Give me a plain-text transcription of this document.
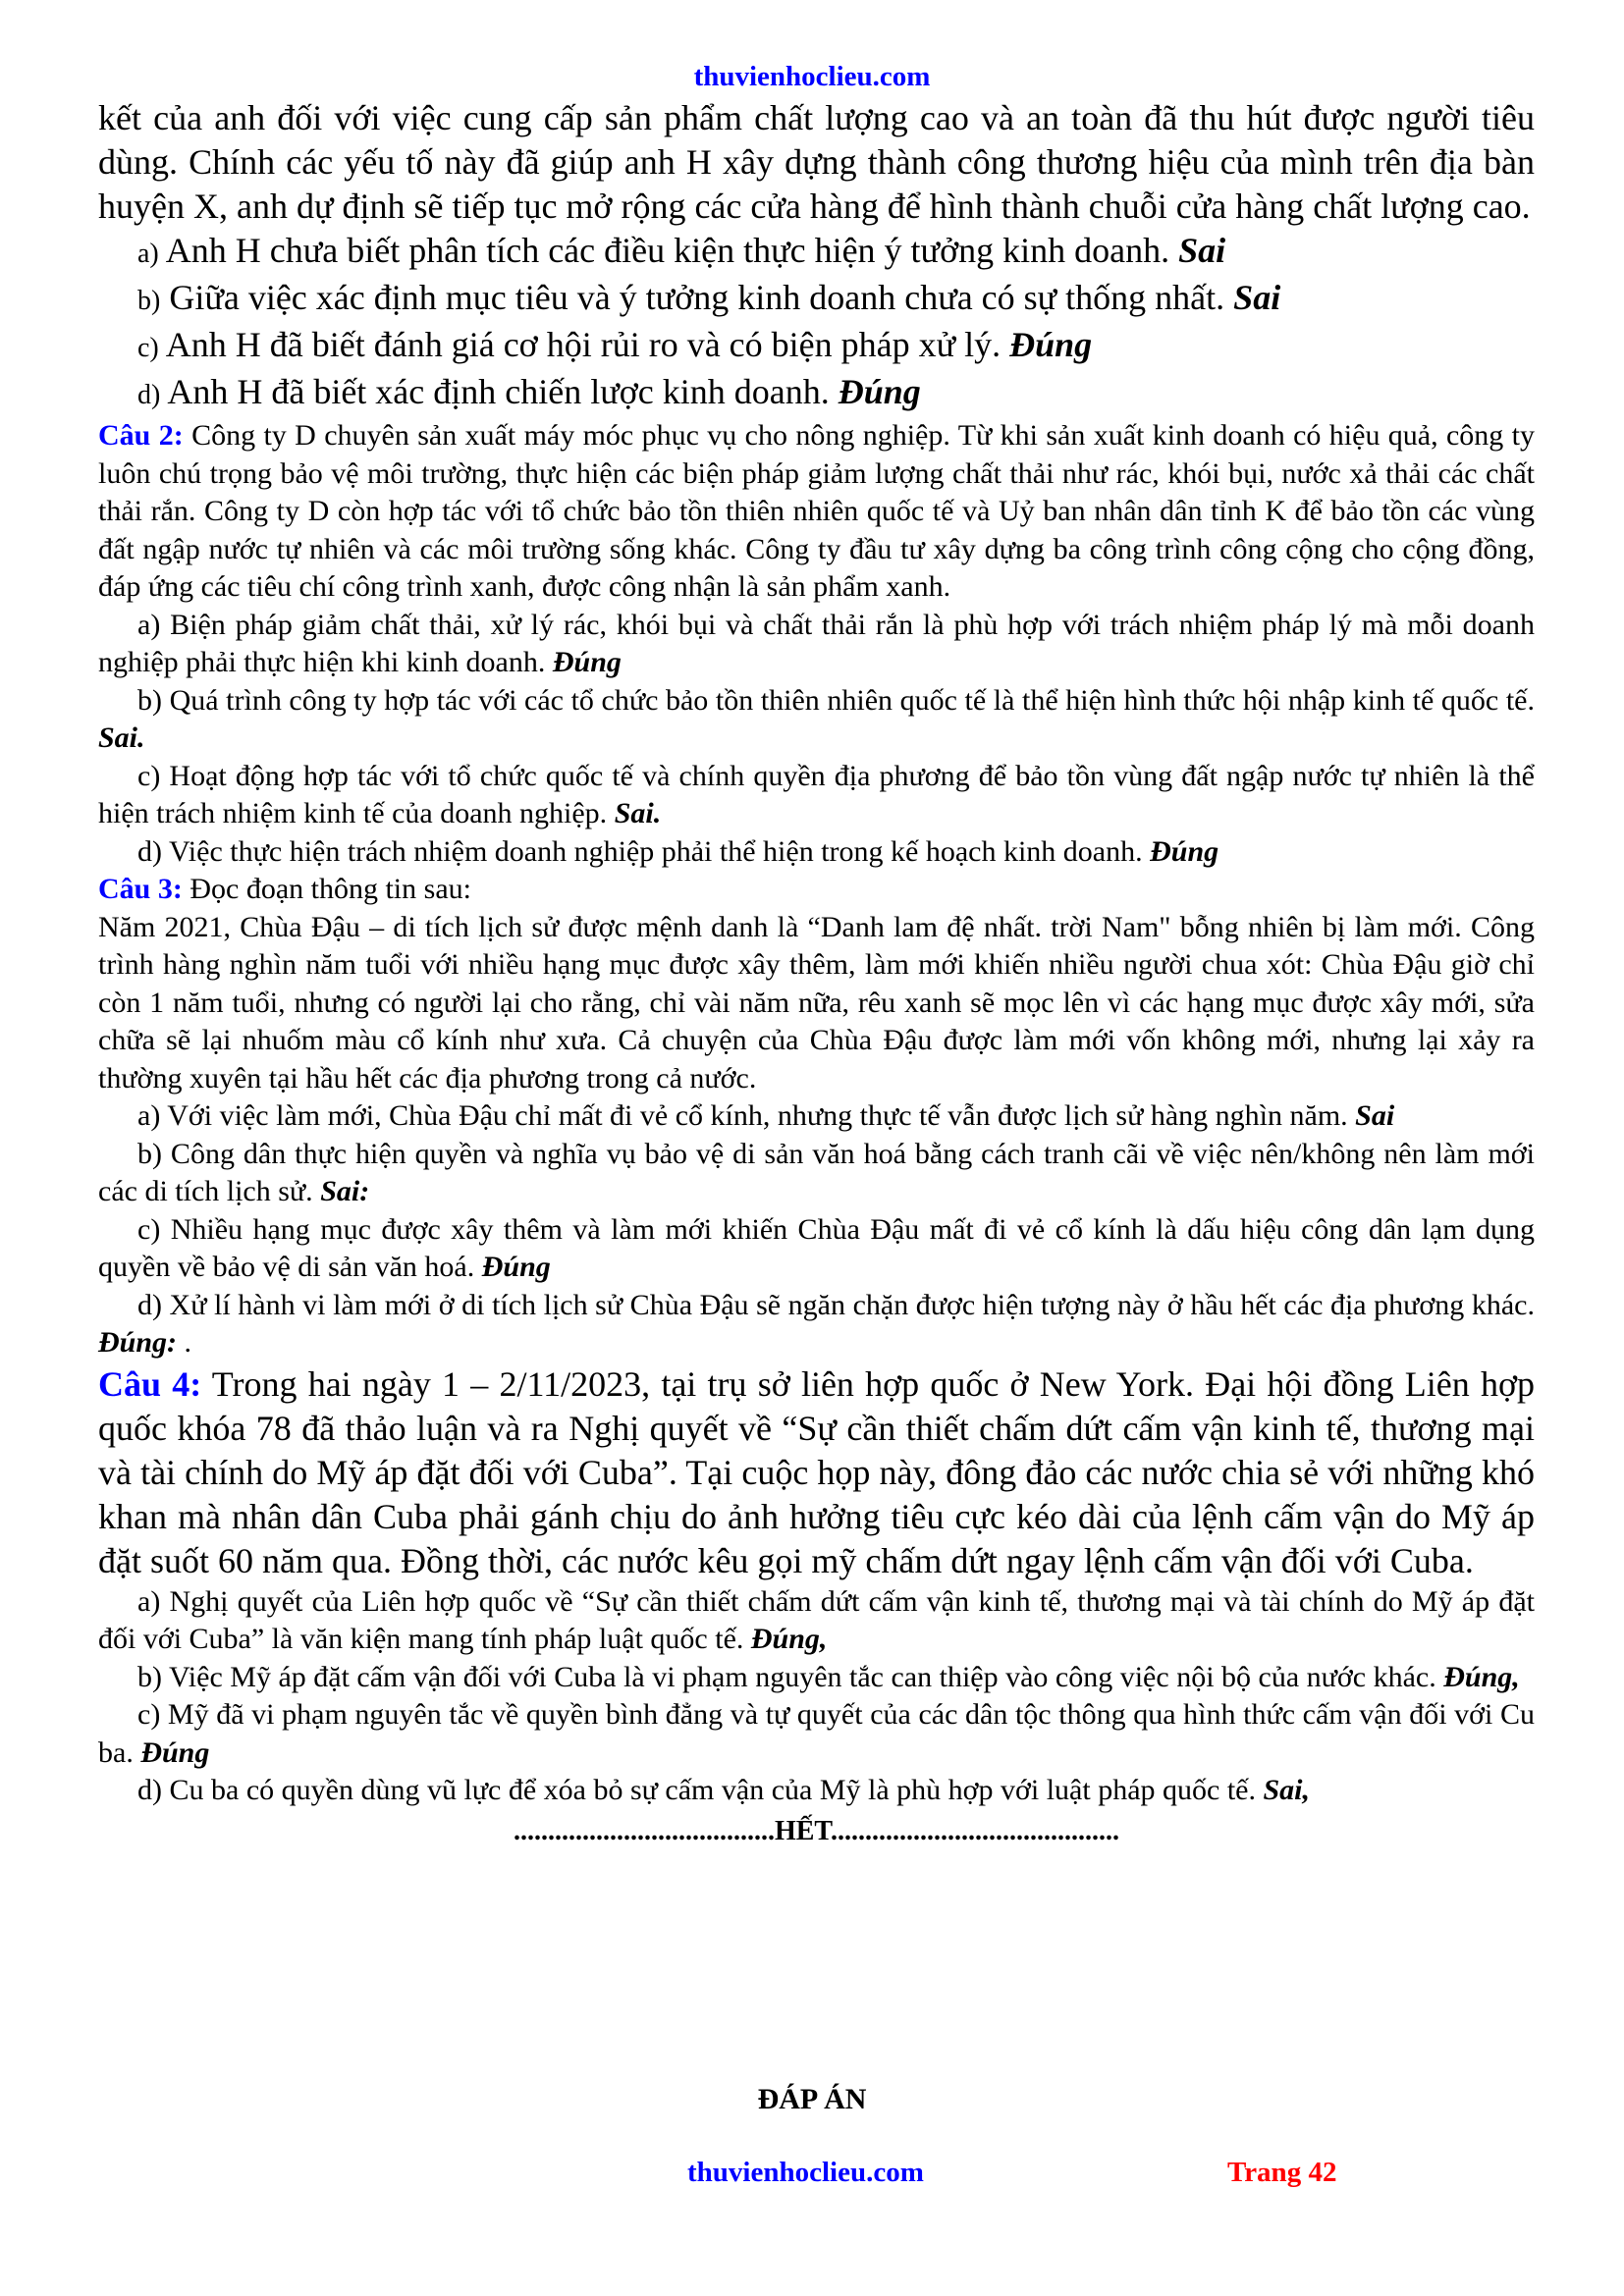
thuvienhoclieu.com

kết của anh đối với việc cung cấp sản phẩm chất lượng cao và an toàn đã thu hút được người tiêu dùng. Chính các yếu tố này đã giúp anh H xây dựng thành công thương hiệu của mình trên địa bàn huyện X, anh dự định sẽ tiếp tục mở rộng các cửa hàng để hình thành chuỗi cửa hàng chất lượng cao.

a) Anh H chưa biết phân tích các điều kiện thực hiện ý tưởng kinh doanh. Sai

b) Giữa việc xác định mục tiêu và ý tưởng kinh doanh chưa có sự thống nhất. Sai

c) Anh H đã biết đánh giá cơ hội rủi ro và có biện pháp xử lý. Đúng

d) Anh H đã biết xác định chiến lược kinh doanh. Đúng

Câu 2: Công ty D chuyên sản xuất máy móc phục vụ cho nông nghiệp. Từ khi sản xuất kinh doanh có hiệu quả, công ty luôn chú trọng bảo vệ môi trường, thực hiện các biện pháp giảm lượng chất thải như rác, khói bụi, nước xả thải các chất thải rắn. Công ty D còn hợp tác với tổ chức bảo tồn thiên nhiên quốc tế và Uỷ ban nhân dân tỉnh K để bảo tồn các vùng đất ngập nước tự nhiên và các môi trường sống khác. Công ty đầu tư xây dựng ba công trình công cộng cho cộng đồng, đáp ứng các tiêu chí công trình xanh, được công nhận là sản phẩm xanh.

a) Biện pháp giảm chất thải, xử lý rác, khói bụi và chất thải rắn là phù hợp với trách nhiệm pháp lý mà mỗi doanh nghiệp phải thực hiện khi kinh doanh. Đúng

b) Quá trình công ty hợp tác với các tổ chức bảo tồn thiên nhiên quốc tế là thể hiện hình thức hội nhập kinh tế quốc tế. Sai.

c) Hoạt động hợp tác với tổ chức quốc tế và chính quyền địa phương để bảo tồn vùng đất ngập nước tự nhiên là thể hiện trách nhiệm kinh tế của doanh nghiệp. Sai.

d) Việc thực hiện trách nhiệm doanh nghiệp phải thể hiện trong kế hoạch kinh doanh. Đúng

Câu 3: Đọc đoạn thông tin sau:

Năm 2021, Chùa Đậu – di tích lịch sử được mệnh danh là “Danh lam đệ nhất. trời Nam" bỗng nhiên bị làm mới. Công trình hàng nghìn năm tuổi với nhiều hạng mục được xây thêm, làm mới khiến nhiều người chua xót: Chùa Đậu giờ chỉ còn 1 năm tuổi, nhưng có người lại cho rằng, chỉ vài năm nữa, rêu xanh sẽ mọc lên vì các hạng mục được xây mới, sửa chữa sẽ lại nhuốm màu cổ kính như xưa. Cả chuyện của Chùa Đậu được làm mới vốn không mới, nhưng lại xảy ra thường xuyên tại hầu hết các địa phương trong cả nước.

a) Với việc làm mới, Chùa Đậu chỉ mất đi vẻ cổ kính, nhưng thực tế vẫn được lịch sử hàng nghìn năm. Sai

b) Công dân thực hiện quyền và nghĩa vụ bảo vệ di sản văn hoá bằng cách tranh cãi về việc nên/không nên làm mới các di tích lịch sử. Sai:

c) Nhiều hạng mục được xây thêm và làm mới khiến Chùa Đậu mất đi vẻ cổ kính là dấu hiệu công dân lạm dụng quyền về bảo vệ di sản văn hoá. Đúng

d) Xử lí hành vi làm mới ở di tích lịch sử Chùa Đậu sẽ ngăn chặn được hiện tượng này ở hầu hết các địa phương khác. Đúng: .

Câu 4: Trong hai ngày 1 – 2/11/2023, tại trụ sở liên hợp quốc ở New York. Đại hội đồng Liên hợp quốc khóa 78 đã thảo luận và ra Nghị quyết về “Sự cần thiết chấm dứt cấm vận kinh tế, thương mại và tài chính do Mỹ áp đặt đối với Cuba”. Tại cuộc họp này, đông đảo các nước chia sẻ với những khó khan mà nhân dân Cuba phải gánh chịu do ảnh hưởng tiêu cực kéo dài của lệnh cấm vận do Mỹ áp đặt suốt 60 năm qua. Đồng thời, các nước kêu gọi mỹ chấm dứt ngay lệnh cấm vận đối với Cuba.

a) Nghị quyết của Liên hợp quốc về “Sự cần thiết chấm dứt cấm vận kinh tế, thương mại và tài chính do Mỹ áp đặt đối với Cuba” là văn kiện mang tính pháp luật quốc tế. Đúng,

b) Việc Mỹ áp đặt cấm vận đối với Cuba là vi phạm nguyên tắc can thiệp vào công việc nội bộ của nước khác. Đúng,

c) Mỹ đã vi phạm nguyên tắc về quyền bình đẳng và tự quyết của các dân tộc thông qua hình thức cấm vận đối với Cu ba. Đúng

d) Cu ba có quyền dùng vũ lực để xóa bỏ sự cấm vận của Mỹ là phù hợp với luật pháp quốc tế. Sai,

......................................HẾT..........................................
ĐÁP ÁN
thuvienhoclieu.com	Trang 42
